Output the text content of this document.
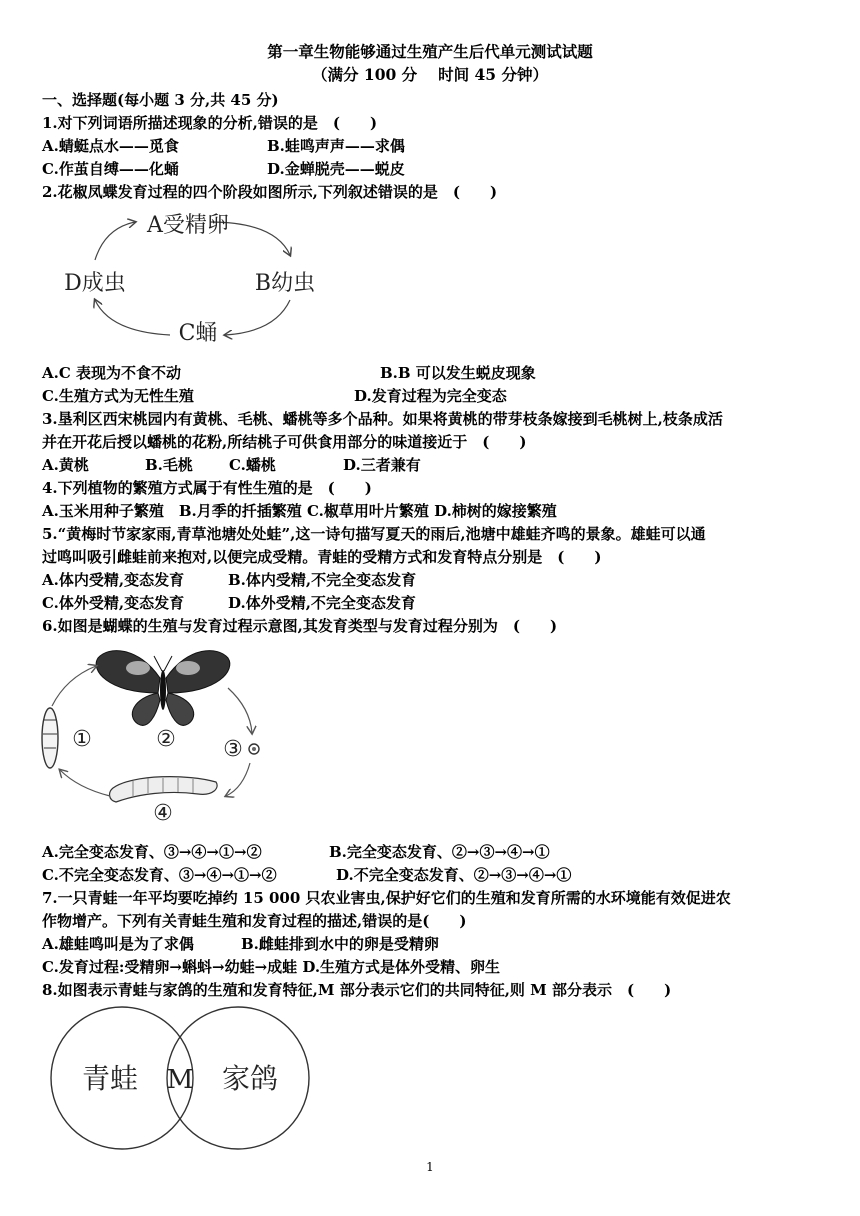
第一章生物能够通过生殖产生后代单元测试试题
（满分 100 分　 时间 45 分钟）
一、选择题(每小题 3 分,共 45 分)
1.对下列词语所描述现象的分析,错误的是　(　　)
A.蜻蜓点水——觅食	B.蛙鸣声声——求偶
C.作茧自缚——化蛹	D.金蝉脱壳——蜕皮
2.花椒凤蝶发育过程的四个阶段如图所示,下列叙述错误的是　(　　)
A受精卵
B幼虫
C蛹
D成虫
A.C 表现为不食不动	B.B 可以发生蜕皮现象
C.生殖方式为无性生殖	D.发育过程为完全变态
3.垦利区西宋桃园内有黄桃、毛桃、蟠桃等多个品种。如果将黄桃的带芽枝条嫁接到毛桃树上,枝条成活
并在开花后授以蟠桃的花粉,所结桃子可供食用部分的味道接近于　(　　)
A.黄桃	B.毛桃 C.蟠桃	D.三者兼有
4.下列植物的繁殖方式属于有性生殖的是　(　　)
A.玉米用种子繁殖　B.月季的扦插繁殖 C.椒草用叶片繁殖 D.柿树的嫁接繁殖
5.“黄梅时节家家雨,青草池塘处处蛙”,这一诗句描写夏天的雨后,池塘中雄蛙齐鸣的景象。雄蛙可以通
过鸣叫吸引雌蛙前来抱对,以便完成受精。青蛙的受精方式和发育特点分别是　(　　)
A.体内受精,变态发育	B.体内受精,不完全变态发育
C.体外受精,变态发育	D.体外受精,不完全变态发育
6.如图是蝴蝶的生殖与发育过程示意图,其发育类型与发育过程分别为　(　　)
①	② ③
④
A.完全变态发育、③→④→①→②	B.完全变态发育、②→③→④→①
C.不完全变态发育、③→④→①→②	D.不完全变态发育、②→③→④→①
7.一只青蛙一年平均要吃掉约 15 000 只农业害虫,保护好它们的生殖和发育所需的水环境能有效促进农
作物增产。下列有关青蛙生殖和发育过程的描述,错误的是(　　)
A.雄蛙鸣叫是为了求偶	B.雌蛙排到水中的卵是受精卵
C.发育过程:受精卵→蝌蚪→幼蛙→成蛙 D.生殖方式是体外受精、卵生
8.如图表示青蛙与家鸽的生殖和发育特征,M 部分表示它们的共同特征,则 M 部分表示　(　　)
青蛙 M 家鸽
1
